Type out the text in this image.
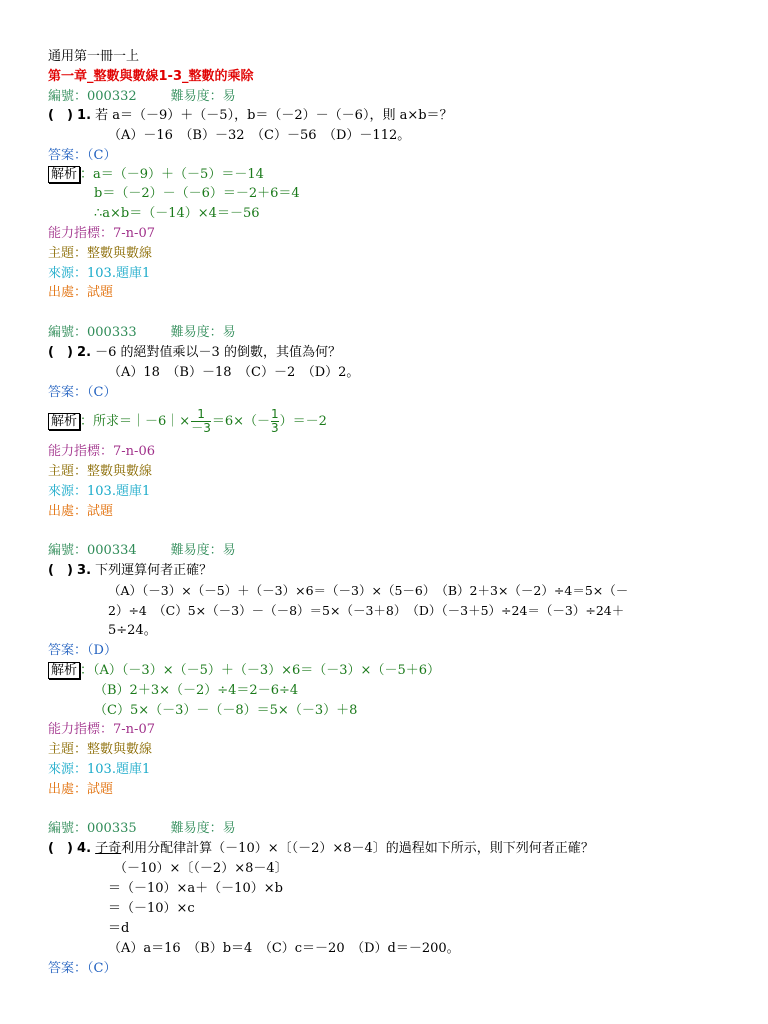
通用第一冊一上
第一章_整數與數線1-3_整數的乘除
編號：000332	難易度：易
(　) 1. 若 a＝（－9）＋（－5），b＝（－2）－（－6），則 a×b＝？
（A）－16　（B）－32　（C）－56　（D）－112。
答案：（C）
解析 ：a＝（－9）＋（－5）＝－14
b＝（－2）－（－6）＝－2＋6＝4
∴a×b＝（－14）×4＝－56
能力指標：7-n-07
主題：整數與數線
來源：103.題庫1
出處：試題
編號：000333	難易度：易
(　) 2. －6 的絕對值乘以－3 的倒數，其值為何？
（A）18　（B）－18　（C）－2　（D）2。
答案：（C）
解析 ：所求＝｜－6｜× $\frac{1}{-3} =6\times(- \frac{1}{3} )=-2$
能力指標：7-n-06
主題：整數與數線
來源：103.題庫1
出處：試題
編號：000334	難易度：易
(　) 3. 下列運算何者正確？
（A）（－3）×（－5）＋（－3）×6＝（－3）×（5－6）　（B）2＋3×（－2）÷4＝5×（－
2）÷4　（C）5×（－3）－（－8）＝5×（－3＋8）　（D）（－3＋5）÷24＝（－3）÷24＋
5÷24。
答案：（D）
解析 ：（A）（－3）×（－5）＋（－3）×6＝（－3）×（－5＋6）
（B）2＋3×（－2）÷4＝2－6÷4
（C）5×（－3）－（－8）＝5×（－3）＋8
能力指標：7-n-07
主題：整數與數線
來源：103.題庫1
出處：試題
編號：000335	難易度：易
(　) 4. 子奇利用分配律計算（－10）×〔（－2）×8－4〕的過程如下所示，則下列何者正確？
（－10）×〔（－2）×8－4〕
＝（－10）×a＋（－10）×b
＝（－10）×c
＝d
（A）a＝16　（B）b＝4　（C）c＝－20　（D）d＝－200。
答案：（C）
